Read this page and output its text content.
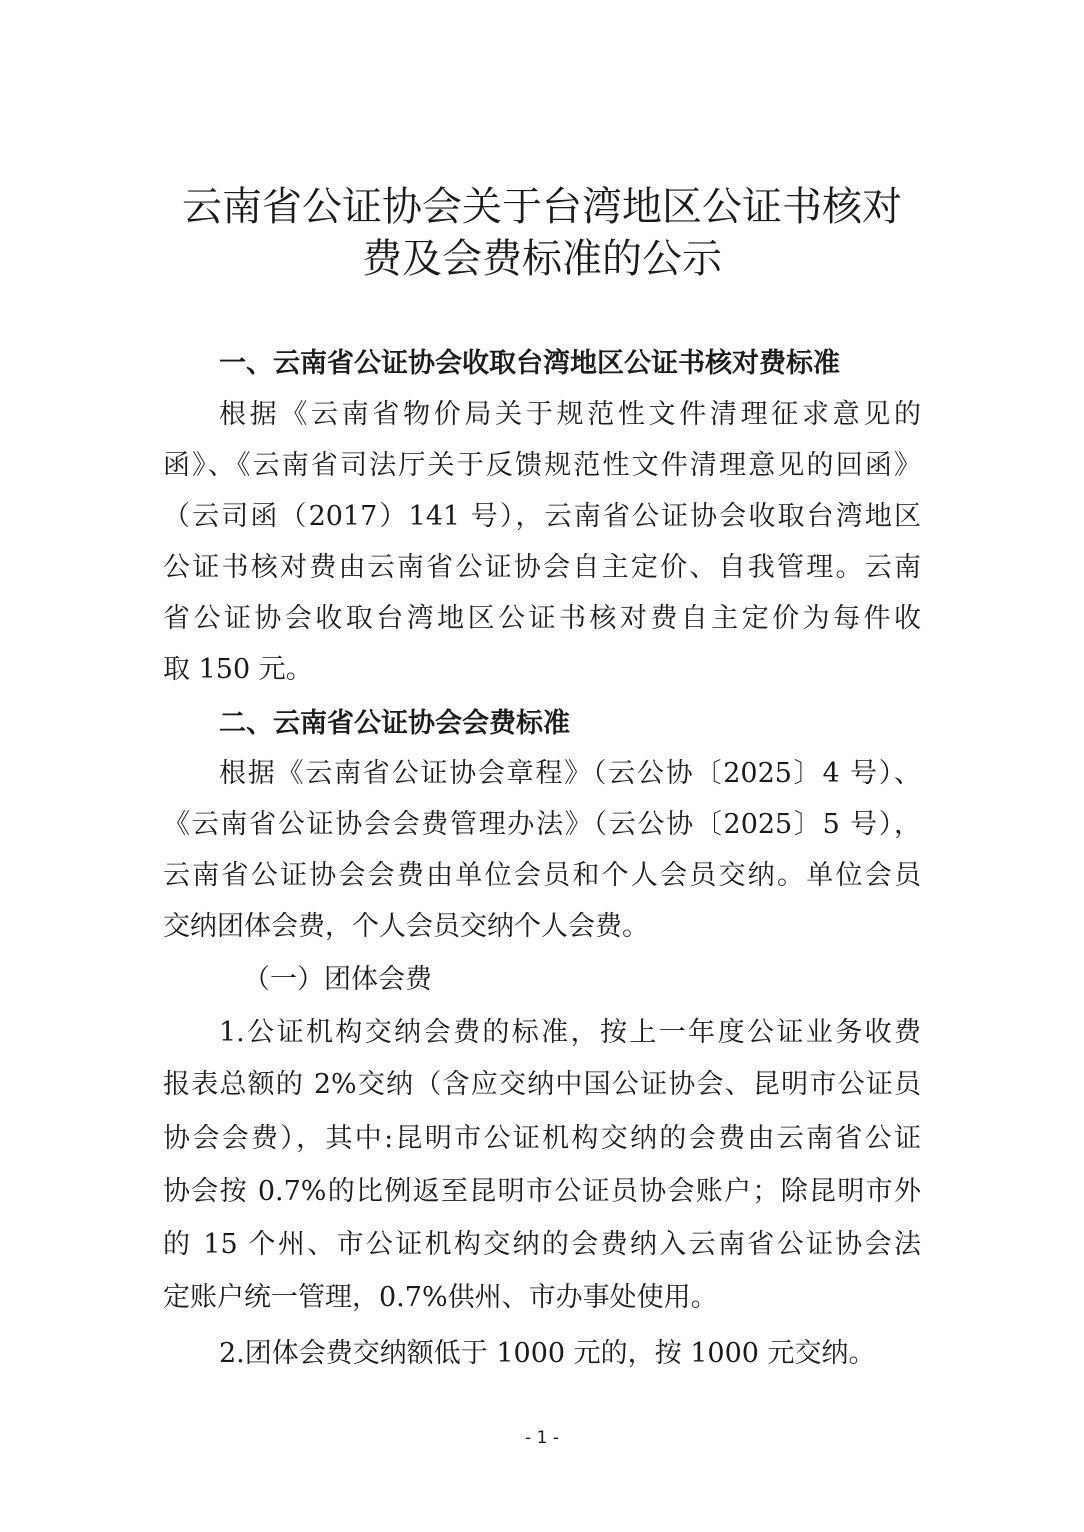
云南省公证协会关于台湾地区公证书核对
费及会费标准的公示
一、云南省公证协会收取台湾地区公证书核对费标准
根据《云南省物价局关于规范性文件清理征求意见的
函》、《云南省司法厅关于反馈规范性文件清理意见的回函》
（云司函（2017）141 号），云南省公证协会收取台湾地区
公证书核对费由云南省公证协会自主定价、自我管理。云南
省公证协会收取台湾地区公证书核对费自主定价为每件收
取 150 元。
二、云南省公证协会会费标准
根据《云南省公证协会章程》（云公协〔2025〕4 号）、
《云南省公证协会会费管理办法》（云公协〔2025〕5 号），
云南省公证协会会费由单位会员和个人会员交纳。单位会员
交纳团体会费，个人会员交纳个人会费。
（一）团体会费
1.公证机构交纳会费的标准，按上一年度公证业务收费
报表总额的 2%交纳（含应交纳中国公证协会、昆明市公证员
协会会费），其中:昆明市公证机构交纳的会费由云南省公证
协会按 0.7%的比例返至昆明市公证员协会账户；除昆明市外
的 15 个州、市公证机构交纳的会费纳入云南省公证协会法
定账户统一管理，0.7%供州、市办事处使用。
2.团体会费交纳额低于 1000 元的，按 1000 元交纳。
- 1 -
